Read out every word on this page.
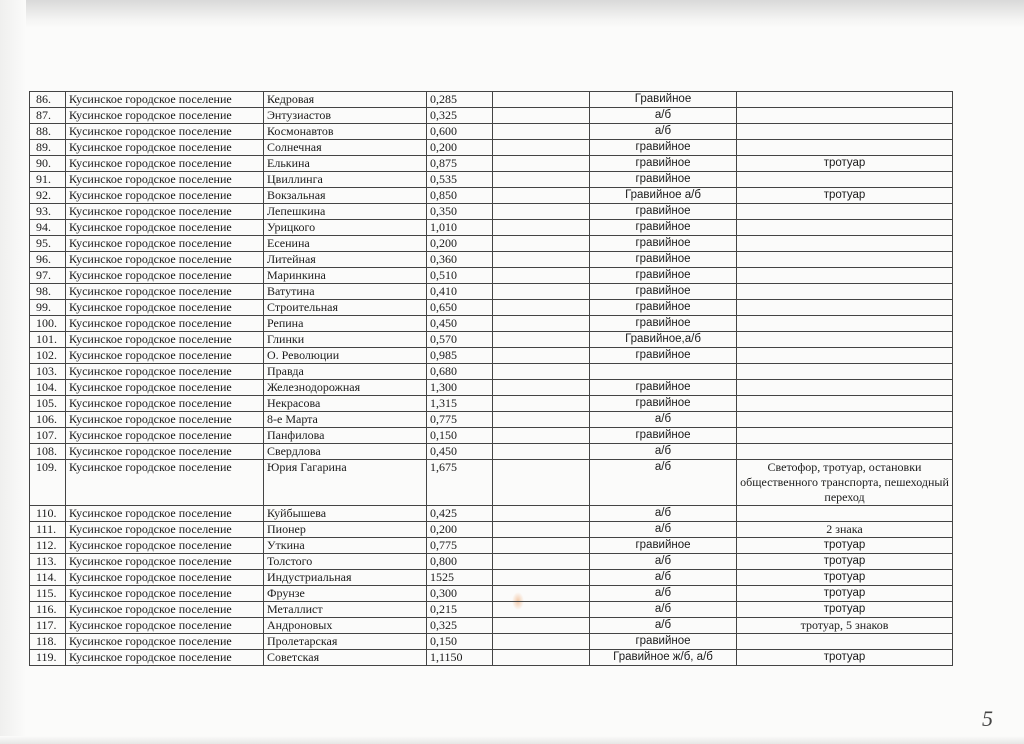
86.	Кусинское городское поселение	Кедровая	0,285		Гравийное	
87.	Кусинское городское поселение	Энтузиастов	0,325		а/б	
88.	Кусинское городское поселение	Космонавтов	0,600		а/б	
89.	Кусинское городское поселение	Солнечная	0,200		гравийное	
90.	Кусинское городское поселение	Елькина	0,875		гравийное	тротуар
91.	Кусинское городское поселение	Цвиллинга	0,535		гравийное	
92.	Кусинское городское поселение	Вокзальная	0,850		Гравийное а/б	тротуар
93.	Кусинское городское поселение	Лепешкина	0,350		гравийное	
94.	Кусинское городское поселение	Урицкого	1,010		гравийное	
95.	Кусинское городское поселение	Есенина	0,200		гравийное	
96.	Кусинское городское поселение	Литейная	0,360		гравийное	
97.	Кусинское городское поселение	Маринкина	0,510		гравийное	
98.	Кусинское городское поселение	Ватутина	0,410		гравийное	
99.	Кусинское городское поселение	Строительная	0,650		гравийное	
100.	Кусинское городское поселение	Репина	0,450		гравийное	
101.	Кусинское городское поселение	Глинки	0,570		Гравийное,а/б	
102.	Кусинское городское поселение	О. Революции	0,985		гравийное	
103.	Кусинское городское поселение	Правда	0,680			
104.	Кусинское городское поселение	Железнодорожная	1,300		гравийное	
105.	Кусинское городское поселение	Некрасова	1,315		гравийное	
106.	Кусинское городское поселение	8-е Марта	0,775		а/б	
107.	Кусинское городское поселение	Панфилова	0,150		гравийное	
108.	Кусинское городское поселение	Свердлова	0,450		а/б	
109.	Кусинское городское поселение	Юрия Гагарина	1,675		а/б	Светофор, тротуар, остановки общественного транспорта, пешеходный переход
110.	Кусинское городское поселение	Куйбышева	0,425		а/б	
111.	Кусинское городское поселение	Пионер	0,200		а/б	2 знака
112.	Кусинское городское поселение	Уткина	0,775		гравийное	тротуар
113.	Кусинское городское поселение	Толстого	0,800		а/б	тротуар
114.	Кусинское городское поселение	Индустриальная	1525		а/б	тротуар
115.	Кусинское городское поселение	Фрунзе	0,300		а/б	тротуар
116.	Кусинское городское поселение	Металлист	0,215		а/б	тротуар
117.	Кусинское городское поселение	Андроновых	0,325		а/б	тротуар, 5 знаков
118.	Кусинское городское поселение	Пролетарская	0,150		гравийное	
119.	Кусинское городское поселение	Советская	1,1150		Гравийное ж/б, а/б	тротуар
5
